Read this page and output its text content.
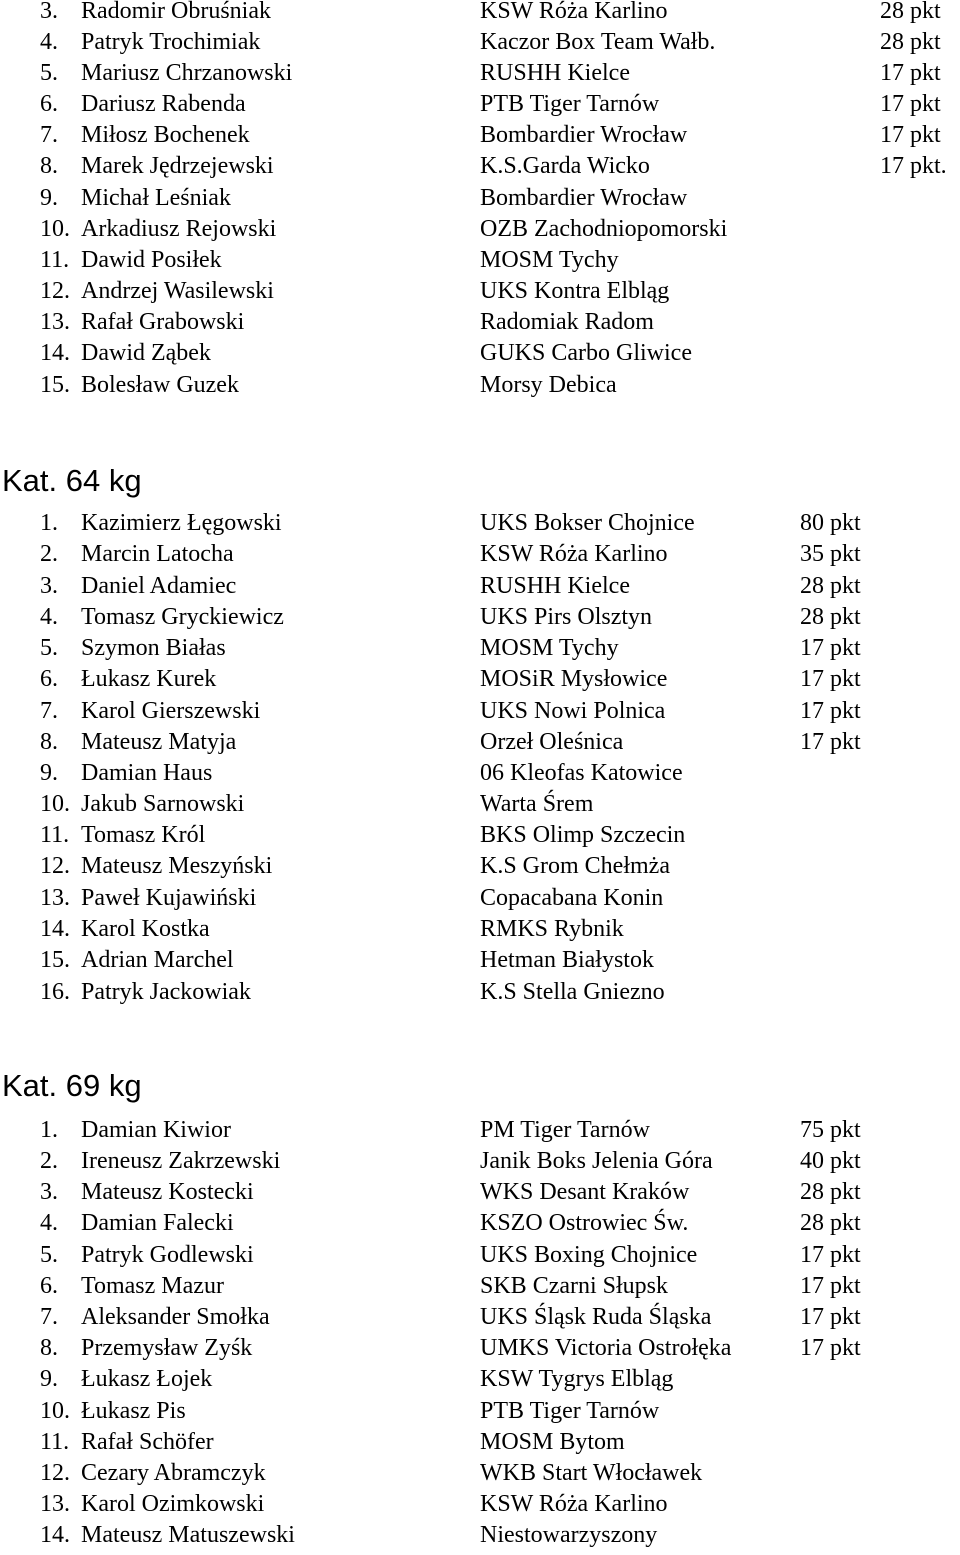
3. Radomir Obruśniak	KSW Róża Karlino	28 pkt
4. Patryk Trochimiak	Kaczor Box Team Wałb.	28 pkt
5. Mariusz Chrzanowski	RUSHH Kielce	17 pkt
6. Dariusz Rabenda	PTB Tiger Tarnów	17 pkt
7. Miłosz Bochenek	Bombardier Wrocław	17 pkt
8. Marek Jędrzejewski	K.S.Garda Wicko	17 pkt.
9. Michał Leśniak	Bombardier Wrocław
10. Arkadiusz Rejowski	OZB Zachodniopomorski
11. Dawid Posiłek	MOSM Tychy
12. Andrzej Wasilewski	UKS Kontra Elbląg
13. Rafał Grabowski	Radomiak Radom
14. Dawid Ząbek	GUKS Carbo Gliwice
15. Bolesław Guzek	Morsy Debica
Kat. 64 kg
1. Kazimierz Łęgowski	UKS Bokser Chojnice	80 pkt
2. Marcin Latocha	KSW Róża Karlino	35 pkt
3. Daniel Adamiec	RUSHH Kielce	28 pkt
4. Tomasz Gryckiewicz	UKS Pirs Olsztyn	28 pkt
5. Szymon Białas	MOSM Tychy	17 pkt
6. Łukasz Kurek	MOSiR Mysłowice	17 pkt
7. Karol Gierszewski	UKS Nowi Polnica	17 pkt
8. Mateusz Matyja	Orzeł Oleśnica	17 pkt
9. Damian Haus	06 Kleofas Katowice
10. Jakub Sarnowski	Warta Śrem
11. Tomasz Król	BKS Olimp Szczecin
12. Mateusz Meszyński	K.S Grom Chełmża
13. Paweł Kujawiński	Copacabana Konin
14. Karol Kostka	RMKS Rybnik
15. Adrian Marchel	Hetman Białystok
16. Patryk Jackowiak	K.S Stella Gniezno
Kat. 69 kg
1. Damian Kiwior	PM Tiger Tarnów	75 pkt
2. Ireneusz Zakrzewski	Janik Boks Jelenia Góra	40 pkt
3. Mateusz Kostecki	WKS Desant Kraków	28 pkt
4. Damian Falecki	KSZO Ostrowiec Św.	28 pkt
5. Patryk Godlewski	UKS Boxing Chojnice	17 pkt
6. Tomasz Mazur	SKB Czarni Słupsk	17 pkt
7. Aleksander Smołka	UKS Śląsk Ruda Śląska	17 pkt
8. Przemysław Zyśk	UMKS Victoria Ostrołęka	17 pkt
9. Łukasz Łojek	KSW Tygrys Elbląg
10. Łukasz Pis	PTB Tiger Tarnów
11. Rafał Schöfer	MOSM Bytom
12. Cezary Abramczyk	WKB Start Włocławek
13. Karol Ozimkowski	KSW Róża Karlino
14. Mateusz Matuszewski	Niestowarzyszony
